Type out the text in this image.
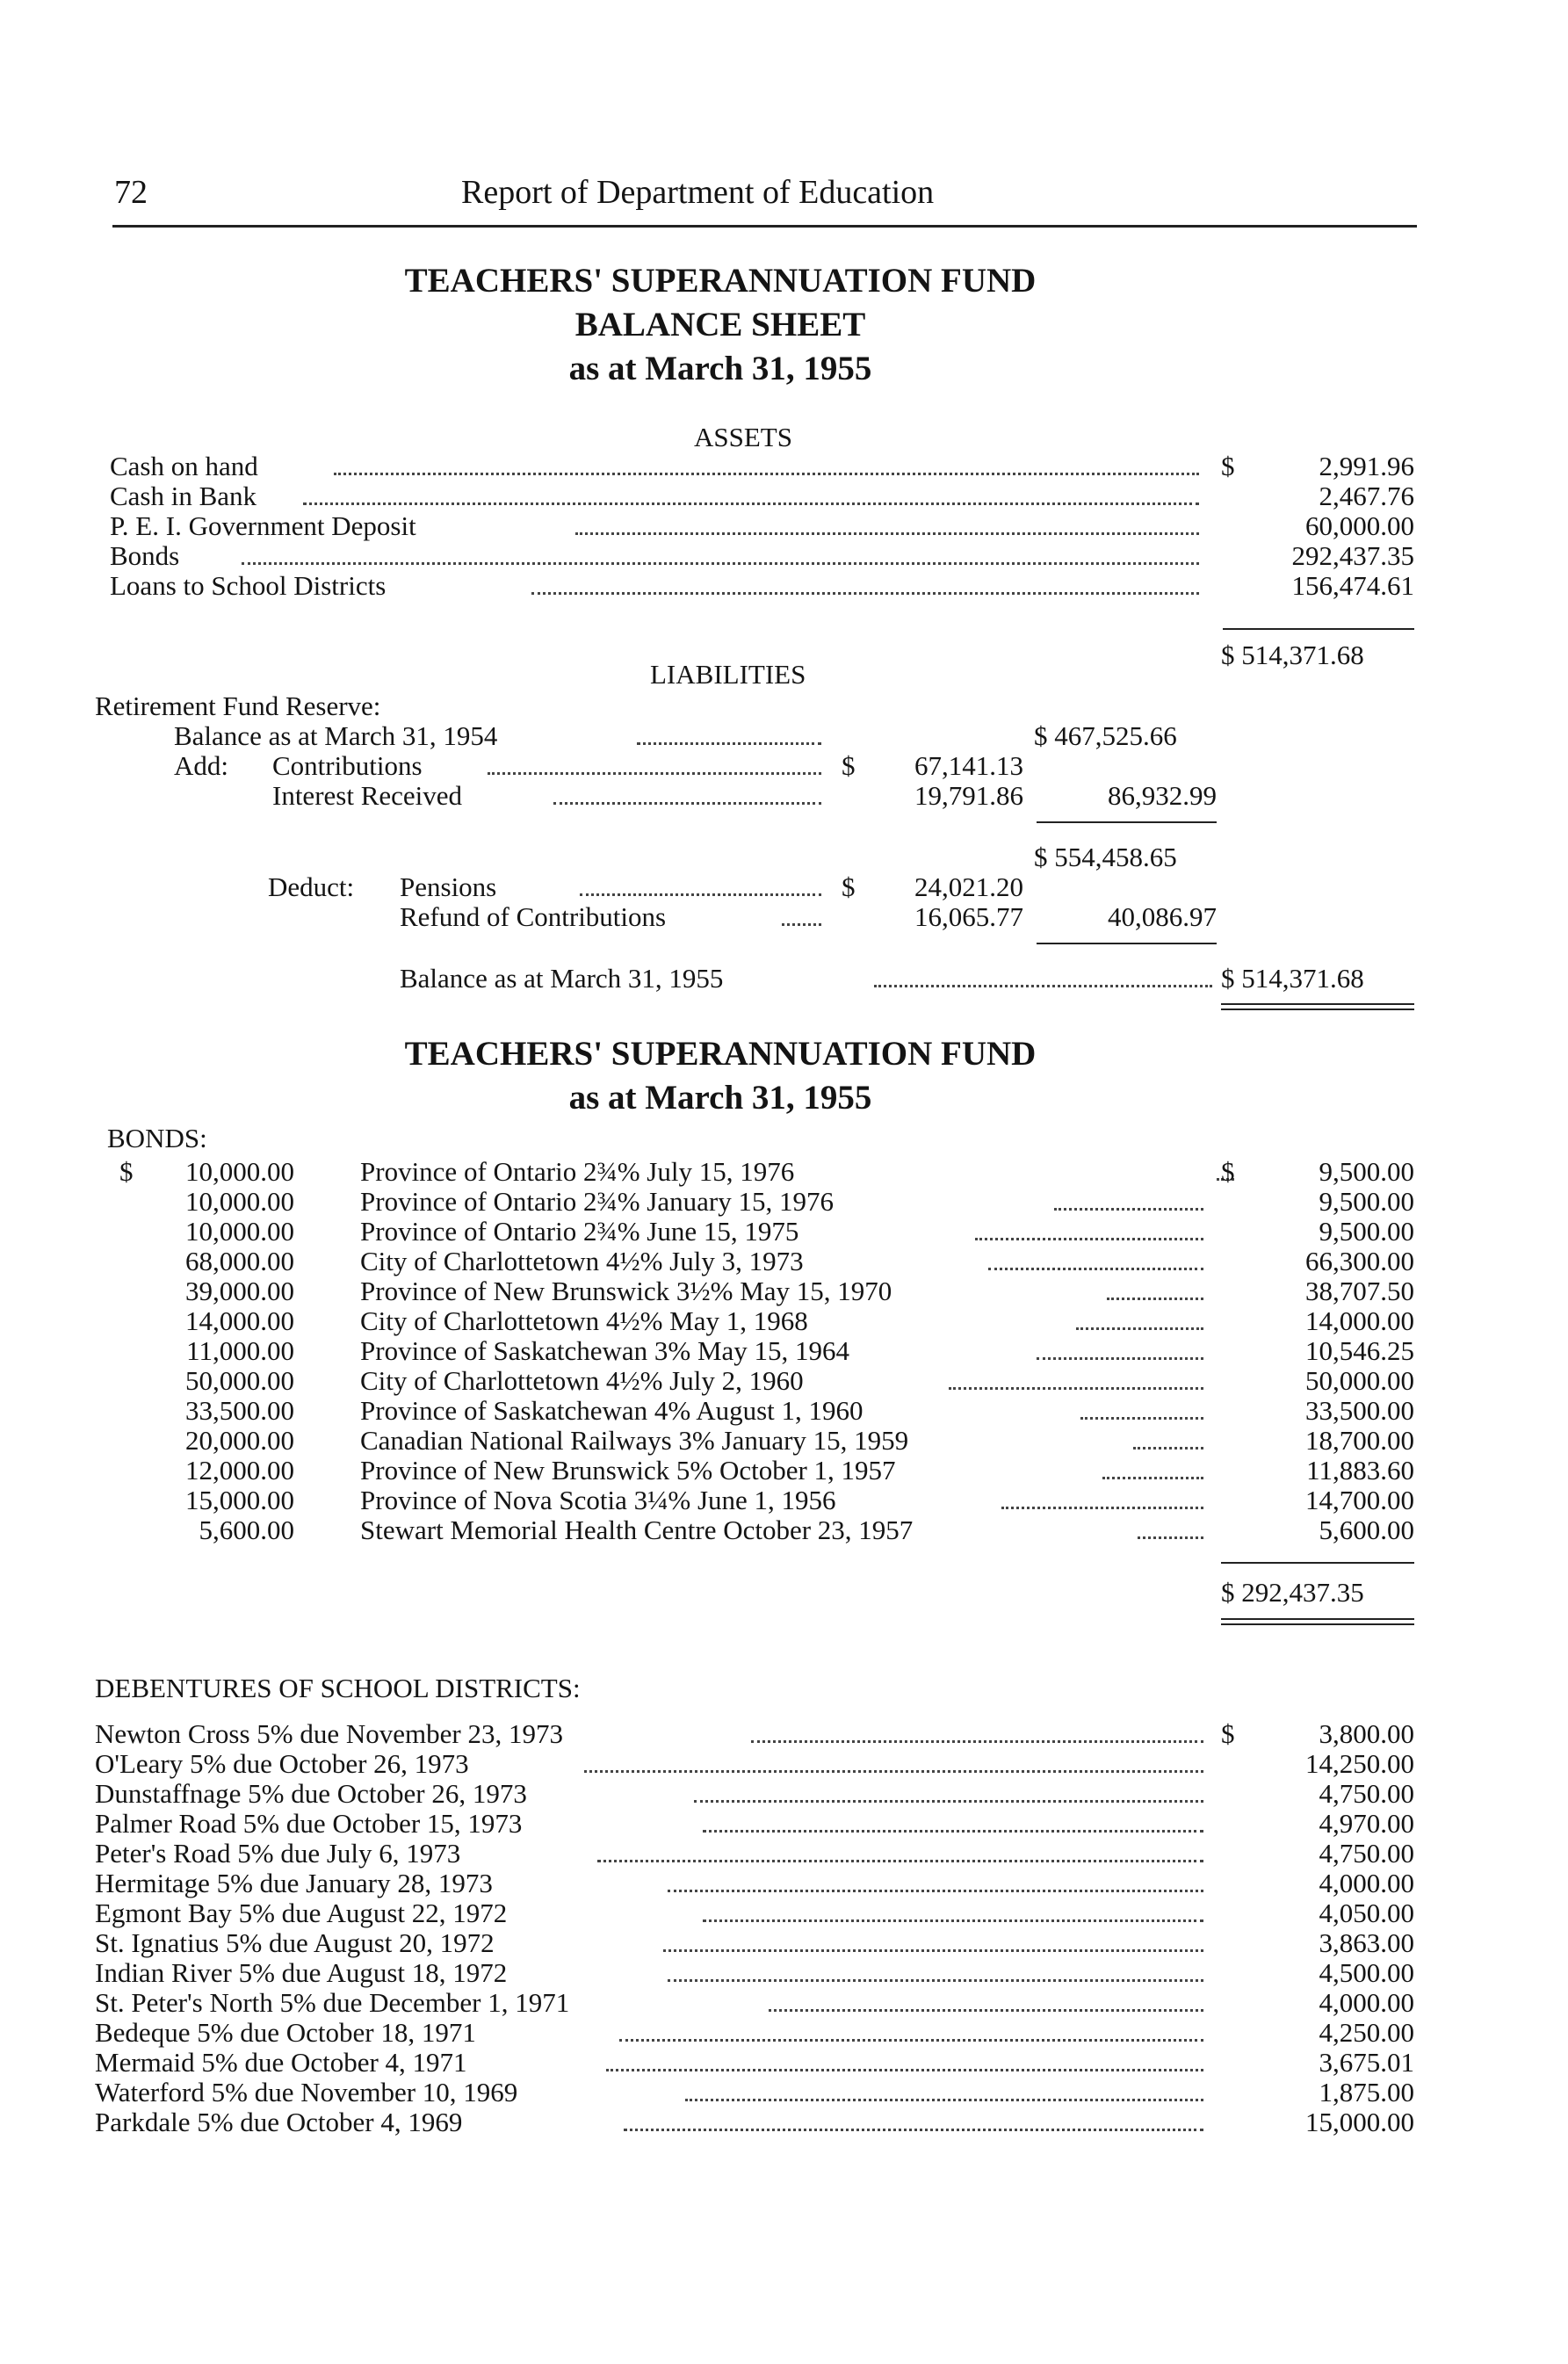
72	Report of Department of Education
TEACHERS' SUPERANNUATION FUND
BALANCE SHEET
as at March 31, 1955
ASSETS
Cash on hand	$	2,991.96
Cash in Bank	2,467.76
P. E. I. Government Deposit	60,000.00
Bonds	292,437.35
Loans to School Districts	156,474.61
$ 514,371.68
LIABILITIES
Retirement Fund Reserve:
Balance as at March 31, 1954	$ 467,525.66
Add: Contributions	$	67,141.13
Interest Received	19,791.86	86,932.99
$ 554,458.65
Deduct: Pensions	$	24,021.20
Refund of Contributions	16,065.77	40,086.97
Balance as at March 31, 1955	$ 514,371.68
TEACHERS' SUPERANNUATION FUND
as at March 31, 1955
BONDS:
$	10,000.00 Province of Ontario 2¾% July 15, 1976	$	9,500.00
10,000.00 Province of Ontario 2¾% January 15, 1976	9,500.00
10,000.00 Province of Ontario 2¾% June 15, 1975	9,500.00
68,000.00 City of Charlottetown 4½% July 3, 1973	66,300.00
39,000.00 Province of New Brunswick 3½% May 15, 1970	38,707.50
14,000.00 City of Charlottetown 4½% May 1, 1968	14,000.00
11,000.00 Province of Saskatchewan 3% May 15, 1964	10,546.25
50,000.00 City of Charlottetown 4½% July 2, 1960	50,000.00
33,500.00 Province of Saskatchewan 4% August 1, 1960	33,500.00
20,000.00 Canadian National Railways 3% January 15, 1959	18,700.00
12,000.00 Province of New Brunswick 5% October 1, 1957	11,883.60
15,000.00 Province of Nova Scotia 3¼% June 1, 1956	14,700.00
5,600.00 Stewart Memorial Health Centre October 23, 1957	5,600.00
$ 292,437.35
DEBENTURES OF SCHOOL DISTRICTS:
Newton Cross 5% due November 23, 1973	$	3,800.00
O'Leary 5% due October 26, 1973	14,250.00
Dunstaffnage 5% due October 26, 1973	4,750.00
Palmer Road 5% due October 15, 1973	4,970.00
Peter's Road 5% due July 6, 1973	4,750.00
Hermitage 5% due January 28, 1973	4,000.00
Egmont Bay 5% due August 22, 1972	4,050.00
St. Ignatius 5% due August 20, 1972	3,863.00
Indian River 5% due August 18, 1972	4,500.00
St. Peter's North 5% due December 1, 1971	4,000.00
Bedeque 5% due October 18, 1971	4,250.00
Mermaid 5% due October 4, 1971	3,675.01
Waterford 5% due November 10, 1969	1,875.00
Parkdale 5% due October 4, 1969	15,000.00
